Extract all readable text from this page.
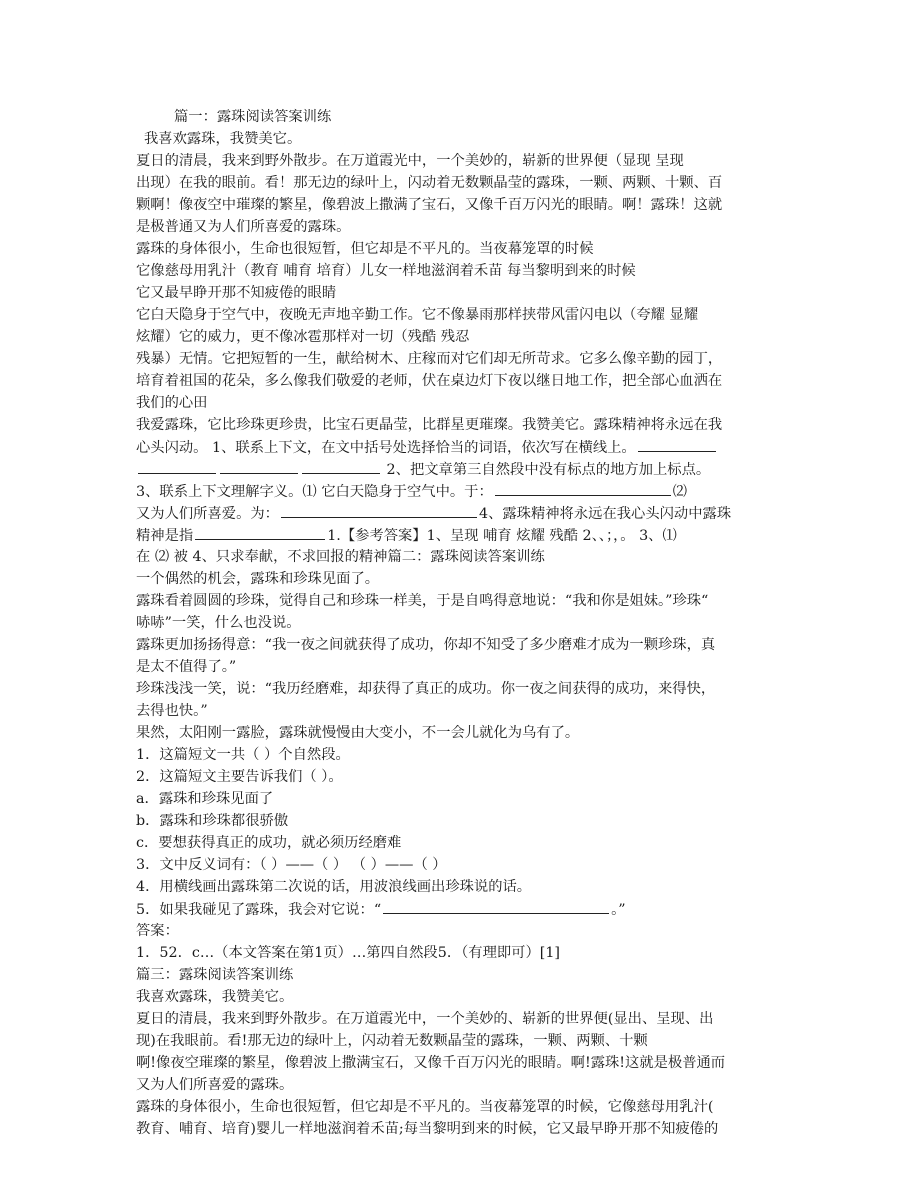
篇一：露珠阅读答案训练
我喜欢露珠，我赞美它。
夏日的清晨，我来到野外散步。在万道霞光中，一个美妙的，崭新的世界便（显现 呈现
出现）在我的眼前。看！那无边的绿叶上，闪动着无数颗晶莹的露珠，一颗、两颗、十颗、百
颗啊！像夜空中璀璨的繁星，像碧波上撒满了宝石，又像千百万闪光的眼睛。啊！露珠！这就
是极普通又为人们所喜爱的露珠。
露珠的身体很小，生命也很短暂，但它却是不平凡的。当夜幕笼罩的时候
它像慈母用乳汁（教育 哺育 培育）儿女一样地滋润着禾苗 每当黎明到来的时候
它又最早睁开那不知疲倦的眼睛
它白天隐身于空气中，夜晚无声地辛勤工作。它不像暴雨那样挟带风雷闪电以（夸耀 显耀
炫耀）它的威力，更不像冰雹那样对一切（残酷 残忍
残暴）无情。它把短暂的一生，献给树木、庄稼而对它们却无所苛求。它多么像辛勤的园丁，
培育着祖国的花朵，多么像我们敬爱的老师，伏在桌边灯下夜以继日地工作，把全部心血洒在
我们的心田
我爱露珠，它比珍珠更珍贵，比宝石更晶莹，比群星更璀璨。我赞美它。露珠精神将永远在我
心头闪动。 1、联系上下文，在文中括号处选择恰当的词语，依次写在横线上。
2、把文章第三自然段中没有标点的地方加上标点。
3、联系上下文理解字义。⑴ 它白天隐身于空气中。于：	⑵
又为人们所喜爱。为：	4、露珠精神将永远在我心头闪动中露珠
精神是指	1.【参考答案】1、呈现 哺育 炫耀 残酷 2、、；，。 3、⑴
在 ⑵ 被 4、只求奉献，不求回报的精神篇二：露珠阅读答案训练
一个偶然的机会，露珠和珍珠见面了。
露珠看着圆圆的珍珠，觉得自己和珍珠一样美，于是自鸣得意地说：“我和你是姐妹。”珍珠“
哧哧”一笑，什么也没说。
露珠更加扬扬得意：“我一夜之间就获得了成功，你却不知受了多少磨难才成为一颗珍珠，真
是太不值得了。”
珍珠浅浅一笑，说：“我历经磨难，却获得了真正的成功。你一夜之间获得的成功，来得快，
去得也快。”
果然，太阳刚一露脸，露珠就慢慢由大变小，不一会儿就化为乌有了。
1．这篇短文一共（ ）个自然段。
2．这篇短文主要告诉我们（ ）。
a．露珠和珍珠见面了
b．露珠和珍珠都很骄傲
c．要想获得真正的成功，就必须历经磨难
3．文中反义词有：（ ）——（ ） （ ）——（ ）
4．用横线画出露珠第二次说的话，用波浪线画出珍珠说的话。
5．如果我碰见了露珠，我会对它说：“	。”
答案：
1．52．c…（本文答案在第1页）…第四自然段5．（有理即可）[1]
篇三：露珠阅读答案训练
我喜欢露珠，我赞美它。
夏日的清晨，我来到野外散步。在万道霞光中，一个美妙的、崭新的世界便(显出、呈现、出
现)在我眼前。看!那无边的绿叶上，闪动着无数颗晶莹的露珠，一颗、两颗、十颗
啊!像夜空璀璨的繁星，像碧波上撒满宝石，又像千百万闪光的眼睛。啊!露珠!这就是极普通而
又为人们所喜爱的露珠。
露珠的身体很小，生命也很短暂，但它却是不平凡的。当夜幕笼罩的时候，它像慈母用乳汁(
教育、哺育、培育)婴儿一样地滋润着禾苗;每当黎明到来的时候，它又最早睁开那不知疲倦的
